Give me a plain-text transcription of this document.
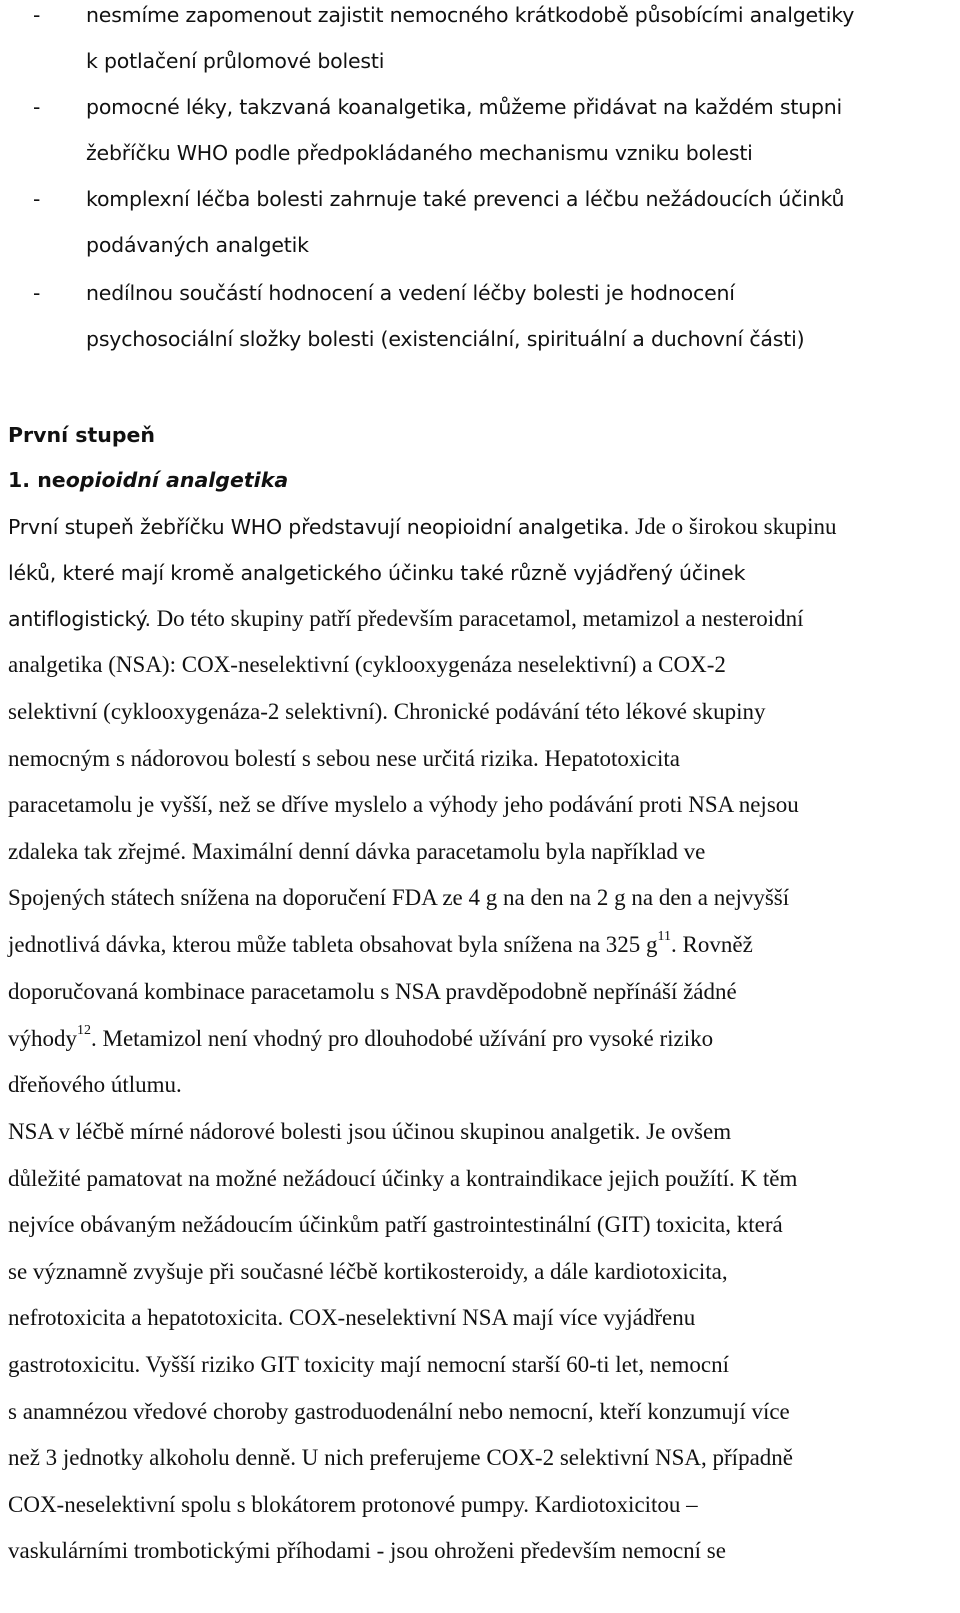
- nesmíme zapomenout zajistit nemocného krátkodobě působícími analgetiky
k potlačení průlomové bolesti
- pomocné léky, takzvaná koanalgetika, můžeme přidávat na každém stupni
žebříčku WHO podle předpokládaného mechanismu vzniku bolesti
- komplexní léčba bolesti zahrnuje také prevenci a léčbu nežádoucích účinků
podávaných analgetik
- nedílnou součástí hodnocení a vedení léčby bolesti je hodnocení
psychosociální složky bolesti (existenciální, spirituální a duchovní části)
První stupeň
1. neopioidní analgetika
První stupeň žebříčku WHO představují neopioidní analgetika. Jde o širokou skupinu
léků, které mají kromě analgetického účinku také různě vyjádřený účinek
antiflogistický. Do této skupiny patří především paracetamol, metamizol a nesteroidní
analgetika (NSA): COX-neselektivní (cyklooxygenáza neselektivní) a COX-2
selektivní (cyklooxygenáza-2 selektivní). Chronické podávání této lékové skupiny
nemocným s nádorovou bolestí s sebou nese určitá rizika. Hepatotoxicita
paracetamolu je vyšší, než se dříve myslelo a výhody jeho podávání proti NSA nejsou
zdaleka tak zřejmé. Maximální denní dávka paracetamolu byla například ve
Spojených státech snížena na doporučení FDA ze 4 g na den na 2 g na den a nejvyšší
jednotlivá dávka, kterou může tableta obsahovat byla snížena na 325 $g^{11}$. Rovněž
doporučovaná kombinace paracetamolu s NSA pravděpodobně nepřínáší žádné
výhody$^{12}$. Metamizol není vhodný pro dlouhodobé užívání pro vysoké riziko
dřeňového útlumu.
NSA v léčbě mírné nádorové bolesti jsou účinou skupinou analgetik. Je ovšem
důležité pamatovat na možné nežádoucí účinky a kontraindikace jejich použítí. K těm
nejvíce obávaným nežádoucím účinkům patří gastrointestinální (GIT) toxicita, která
se významně zvyšuje při současné léčbě kortikosteroidy, a dále kardiotoxicita,
nefrotoxicita a hepatotoxicita. COX-neselektivní NSA mají více vyjádřenu
gastrotoxicitu. Vyšší riziko GIT toxicity mají nemocní starší 60-ti let, nemocní
s anamnézou vředové choroby gastroduodenální nebo nemocní, kteří konzumují více
než 3 jednotky alkoholu denně. U nich preferujeme COX-2 selektivní NSA, případně
COX-neselektivní spolu s blokátorem protonové pumpy. Kardiotoxicitou –
vaskulárními trombotickými příhodami - jsou ohroženi především nemocní se
